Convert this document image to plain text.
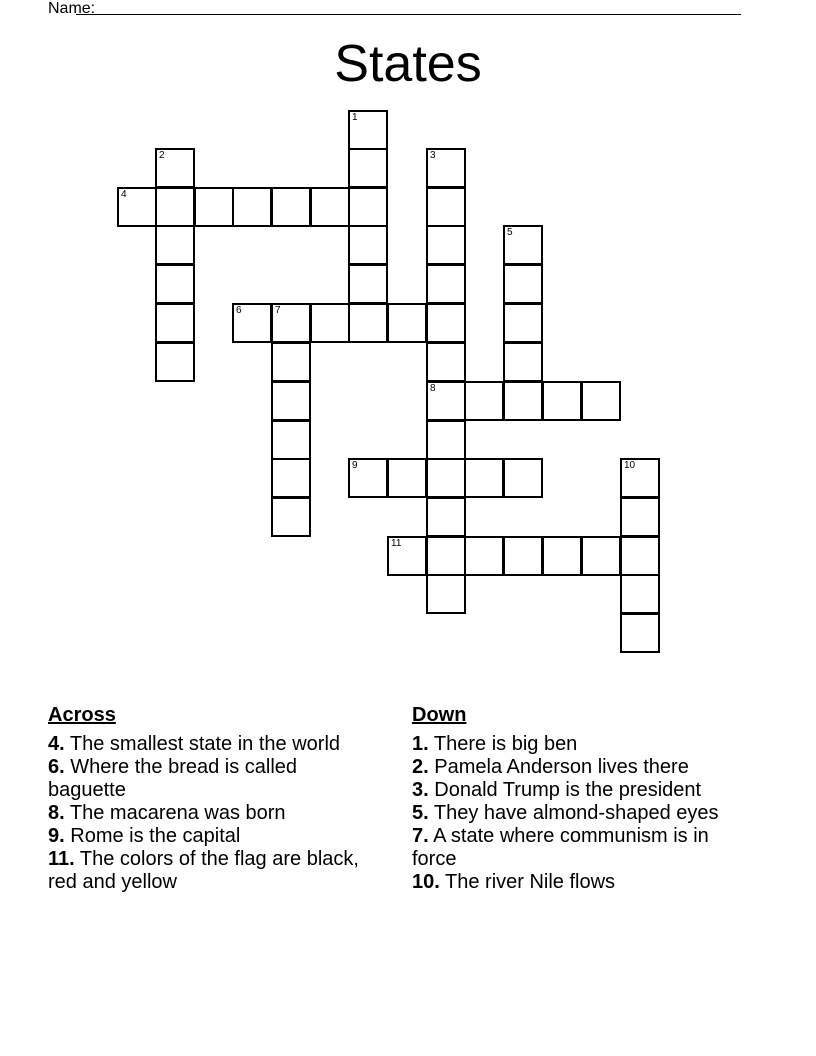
Name:
States
1
2	3
8
4
5
6	7
9	10
11
Across

4. The smallest state in the world

6. Where the bread is called baguette

8. The macarena was born

9. Rome is the capital

11. The colors of the flag are black, red and yellow

Down

1. There is big ben

2. Pamela Anderson lives there

3. Donald Trump is the president

5. They have almond-shaped eyes

7. A state where communism is in force

10. The river Nile flows
